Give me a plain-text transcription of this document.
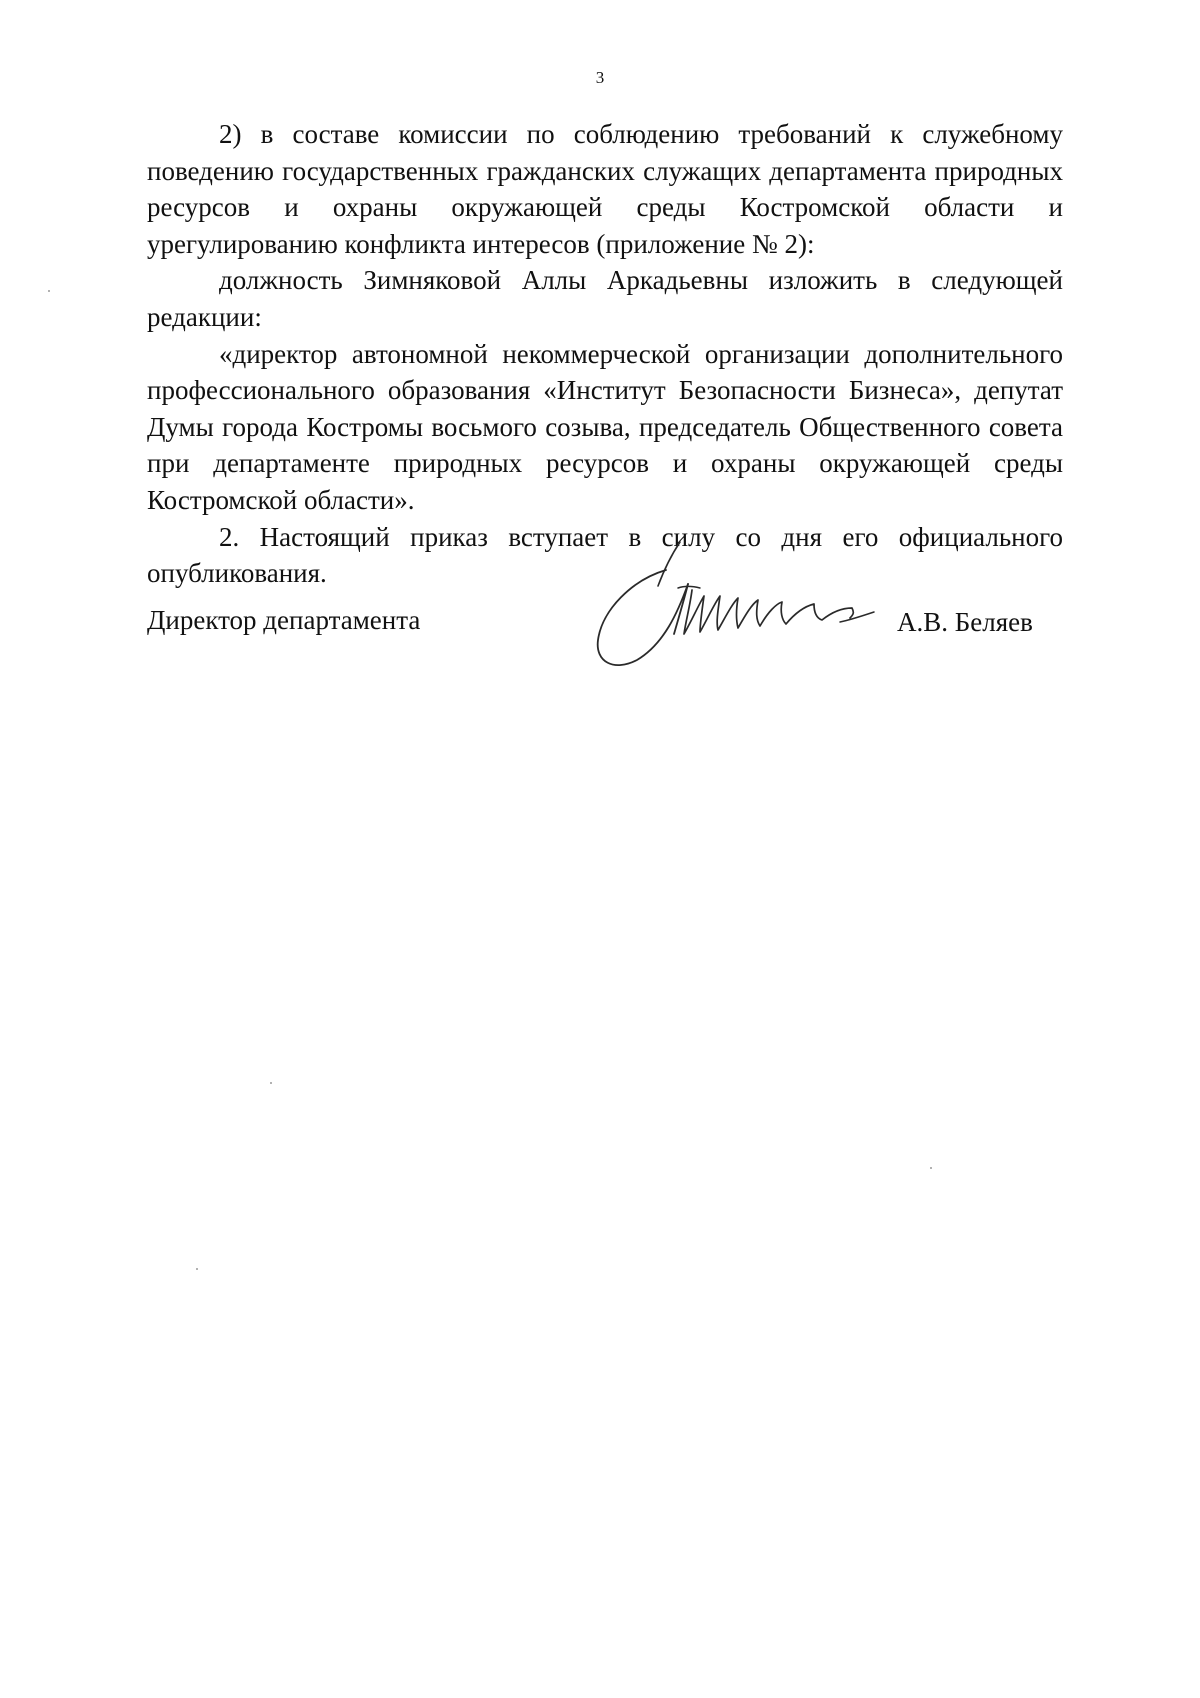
3

2) в составе комиссии по соблюдению требований к служебному поведению государственных гражданских служащих департамента природных ресурсов и охраны окружающей среды Костромской области и урегулированию конфликта интересов (приложение № 2):

должность Зимняковой Аллы Аркадьевны изложить в следующей редакции:

«директор автономной некоммерческой организации дополнительного профессионального образования «Институт Безопасности Бизнеса», депутат Думы города Костромы восьмого созыва, председатель Общественного совета при департаменте природных ресурсов и охраны окружающей среды Костромской области».

2. Настоящий приказ вступает в силу со дня его официального опубликования.

Директор департамента	А.В. Беляев
